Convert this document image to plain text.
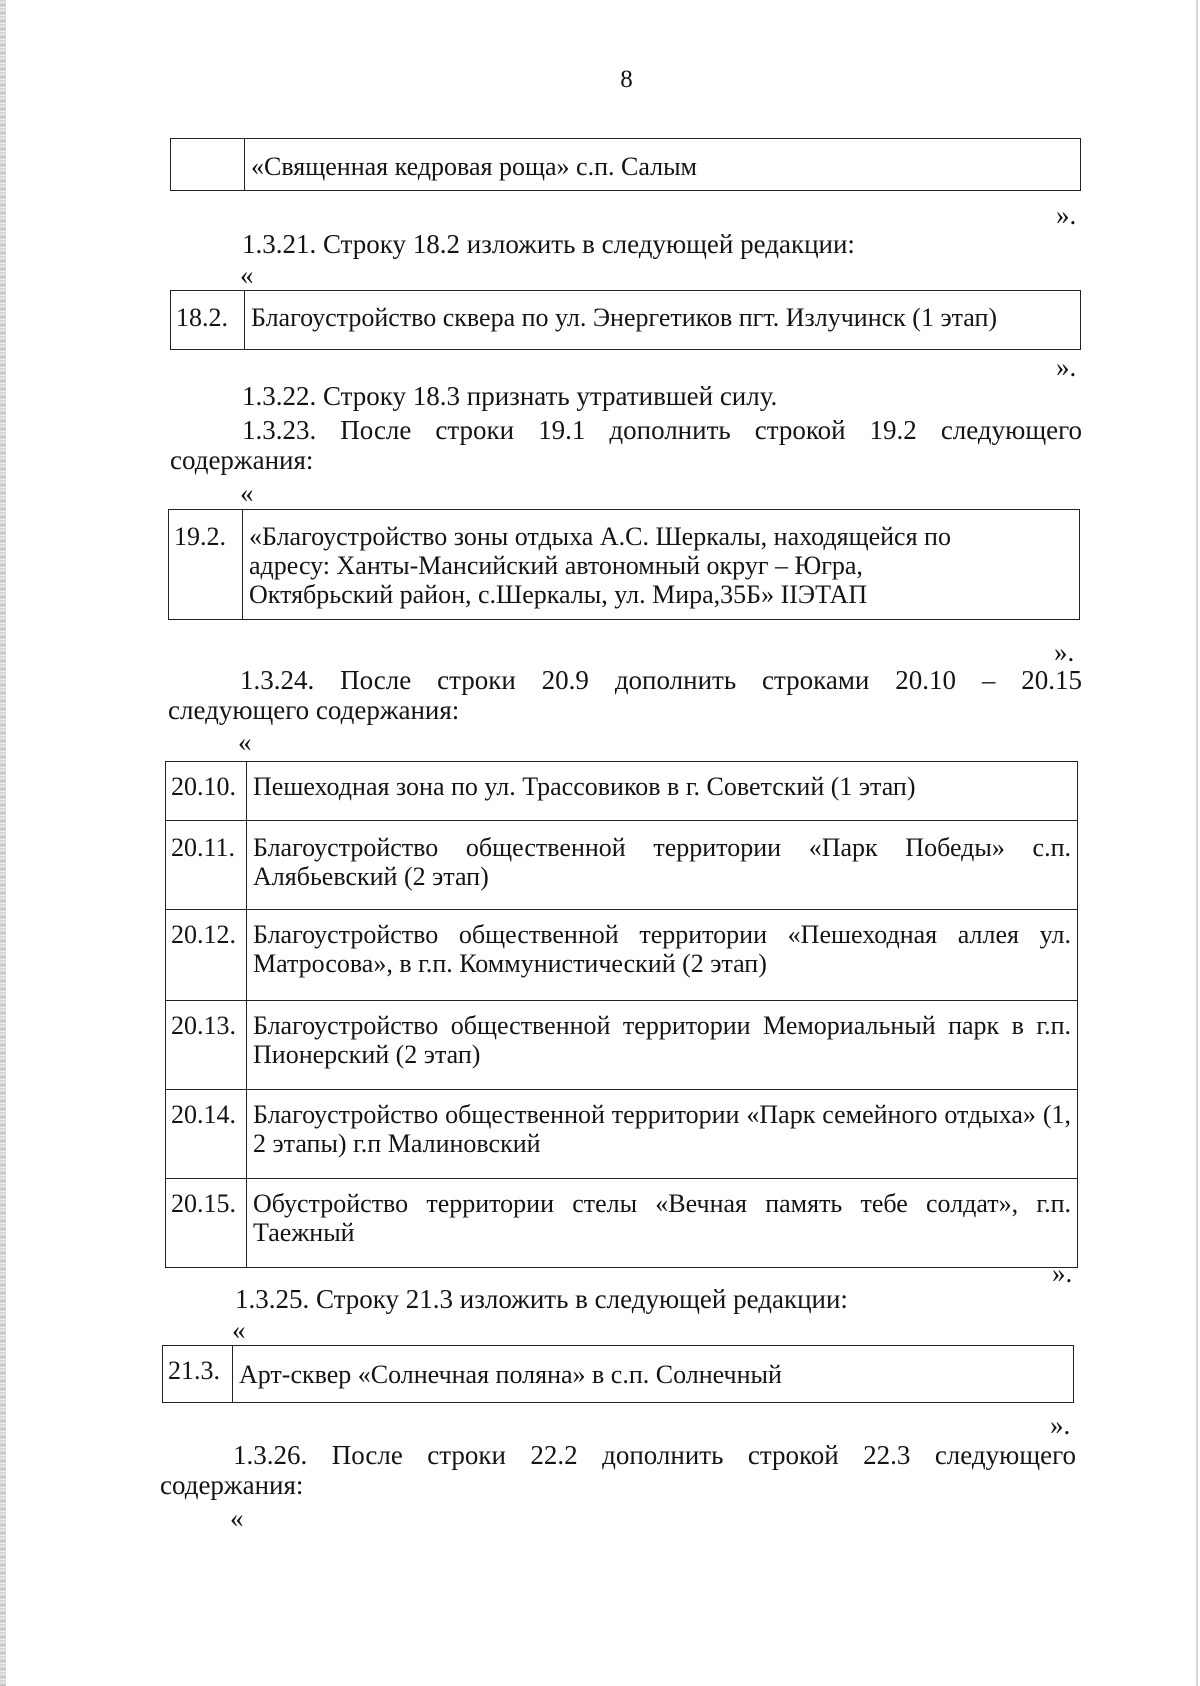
8
	«Священная кедровая роща» с.п. Салым
».
1.3.21. Строку 18.2 изложить в следующей редакции:
«
18.2.	Благоустройство сквера по ул. Энергетиков пгт. Излучинск (1 этап)
».
1.3.22. Строку 18.3 признать утратившей силу.
1.3.23. После строки 19.1 дополнить строкой 19.2 следующего
содержания:
«
19.2.	«Благоустройство зоны отдыха А.С. Шеркалы, находящейся по
адресу: Ханты-Мансийский автономный округ – Югра,
Октябрьский район, с.Шеркалы, ул. Мира,35Б» IIЭТАП
».
1.3.24. После строки 20.9 дополнить строками 20.10 – 20.15
следующего содержания:
«
20.10.	Пешеходная зона по ул. Трассовиков в г. Советский (1 этап)
20.11.	Благоустройство общественной территории «Парк Победы» с.п. Алябьевский (2 этап)
20.12.	Благоустройство общественной территории «Пешеходная аллея ул. Матросова», в г.п. Коммунистический (2 этап)
20.13.	Благоустройство общественной территории Мемориальный парк в г.п. Пионерский (2 этап)
20.14.	Благоустройство общественной территории «Парк семейного отдыха» (1, 2 этапы) г.п Малиновский
20.15.	Обустройство территории стелы «Вечная память тебе солдат», г.п. Таежный
».
1.3.25. Строку 21.3 изложить в следующей редакции:
«
21.3.	Арт-сквер «Солнечная поляна» в с.п. Солнечный
».
1.3.26. После строки 22.2 дополнить строкой 22.3 следующего
содержания:
«
